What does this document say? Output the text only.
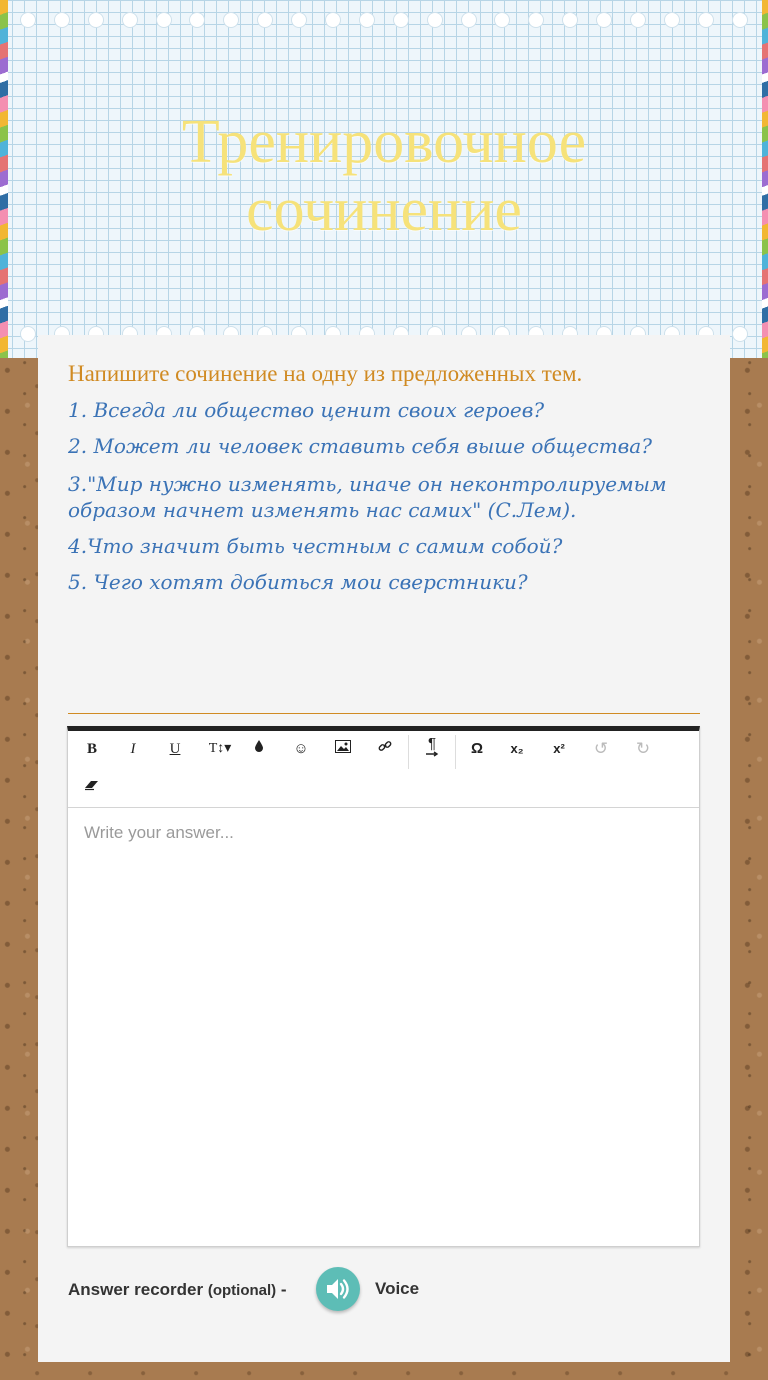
Тренировочное
сочинение
Напишите сочинение на одну из предложенных тем.
1. Всегда ли общество ценит своих героев?
2. Может ли человек ставить себя выше общества?
3."Мир нужно изменять, иначе он неконтролируемым образом начнет изменять нас самих" (С.Лем).
4.Что значит быть честным с самим собой?
5. Чего хотят добиться мои сверстники?
B	I	U	T↕▾	☺	¶	Ω	x₂	x²	↺	↻
Write your answer...
Answer recorder (optional) -	Voice
